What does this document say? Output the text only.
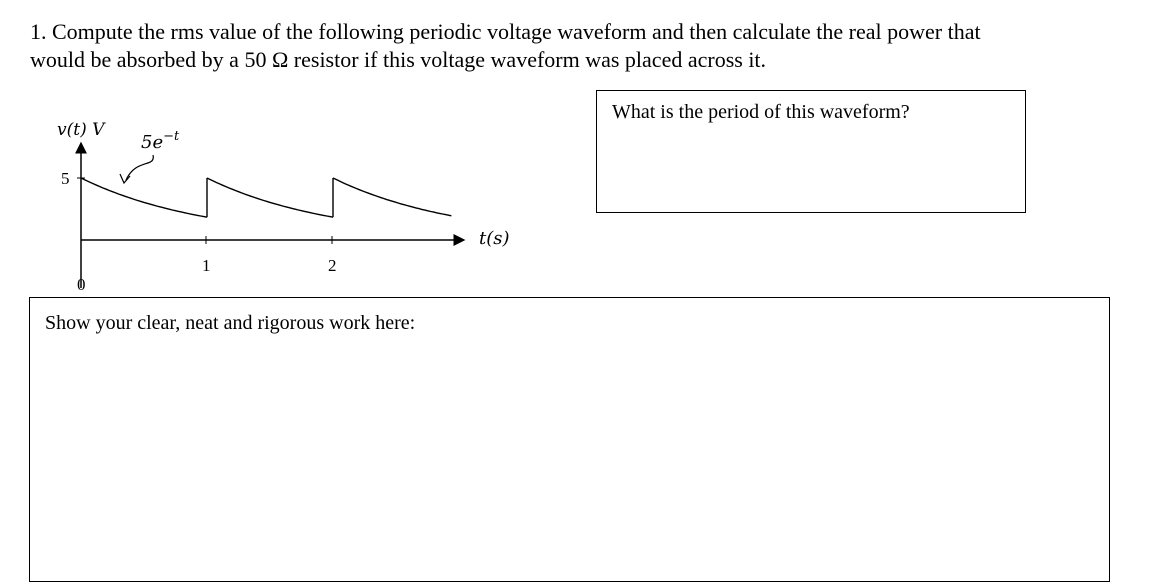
1. Compute the rms value of the following periodic voltage waveform and then calculate the real power that
would be absorbed by a 50 Ω resistor if this voltage waveform was placed across it.
v(t) V
t(s)
5
0
1	2
$5e^{-t}$
What is the period of this waveform?
Show your clear, neat and rigorous work here:
